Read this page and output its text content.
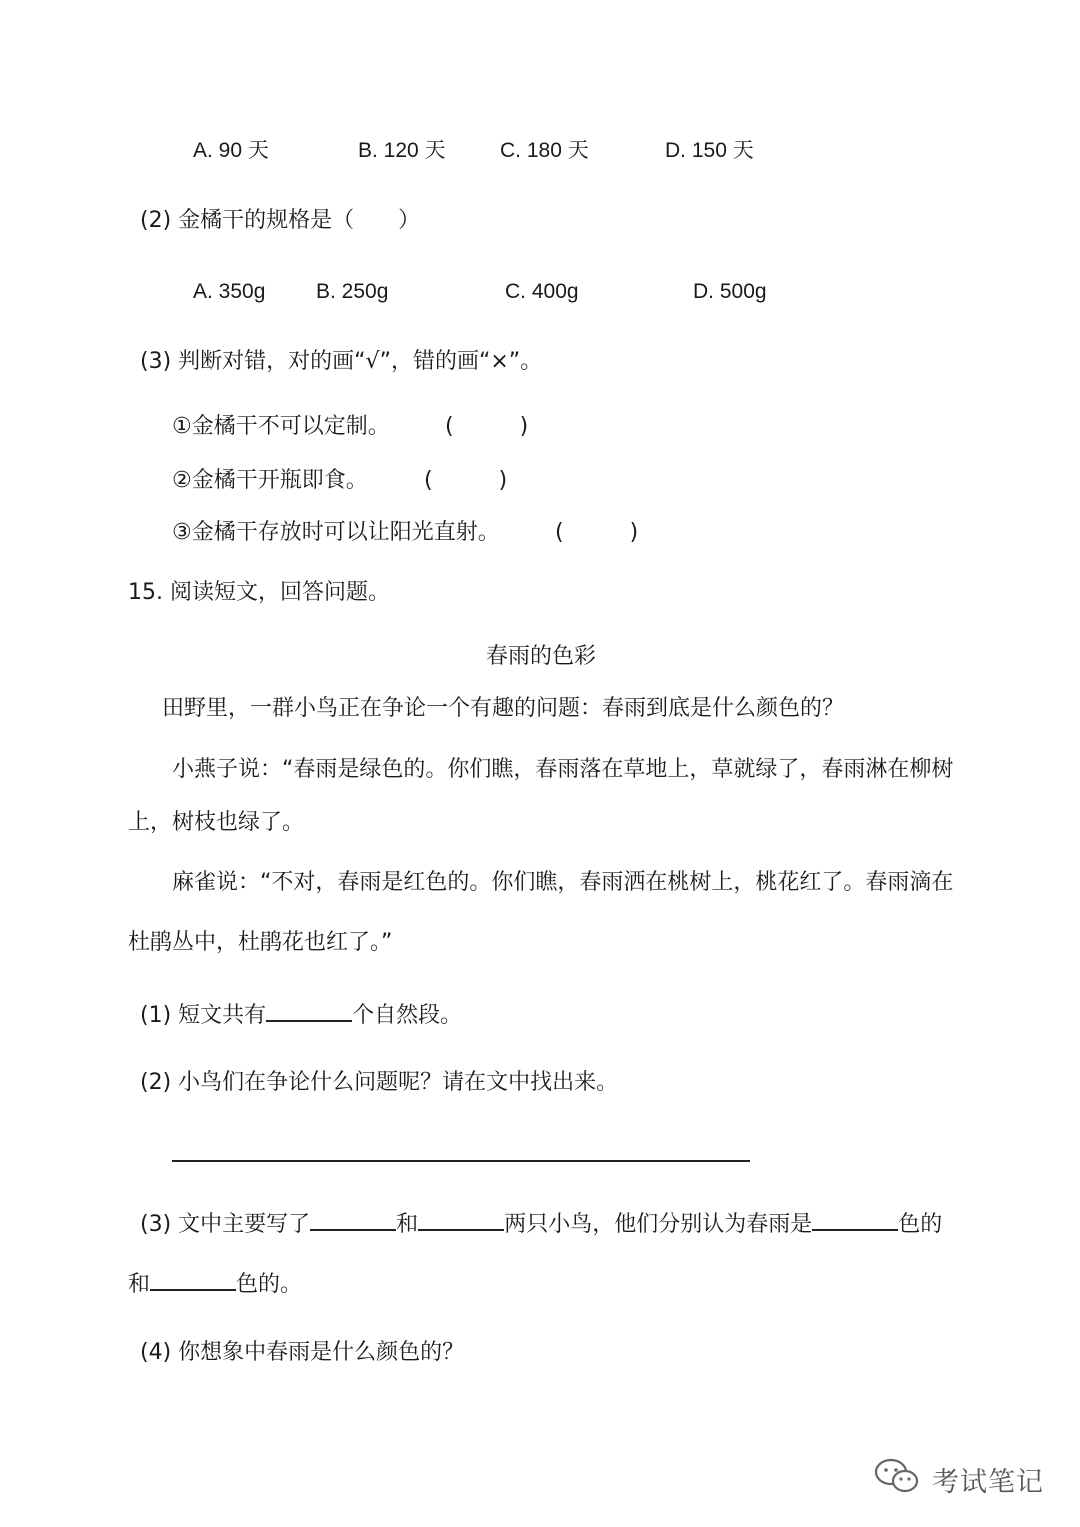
A. 90 天	B. 120 天	C. 180 天	D. 150 天
(2) 金橘干的规格是（　　）
A. 350g B. 250g	C. 400g	D. 500g
(3) 判断对错，对的画“√”，错的画“×”。
①金橘干不可以定制。	(　　　)
②金橘干开瓶即食。	(　　　)
③金橘干存放时可以让阳光直射。	(　　　)
15. 阅读短文，回答问题。
春雨的色彩
田野里，一群小鸟正在争论一个有趣的问题：春雨到底是什么颜色的？
小燕子说：“春雨是绿色的。你们瞧，春雨落在草地上，草就绿了，春雨淋在柳树
上，树枝也绿了。
麻雀说：“不对，春雨是红色的。你们瞧，春雨洒在桃树上，桃花红了。春雨滴在
杜鹃丛中，杜鹃花也红了。”
(1) 短文共有	个自然段。
(2) 小鸟们在争论什么问题呢？请在文中找出来。
(3) 文中主要写了	和	两只小鸟，他们分别认为春雨是	色的
和	色的。
(4) 你想象中春雨是什么颜色的？
考试笔记
